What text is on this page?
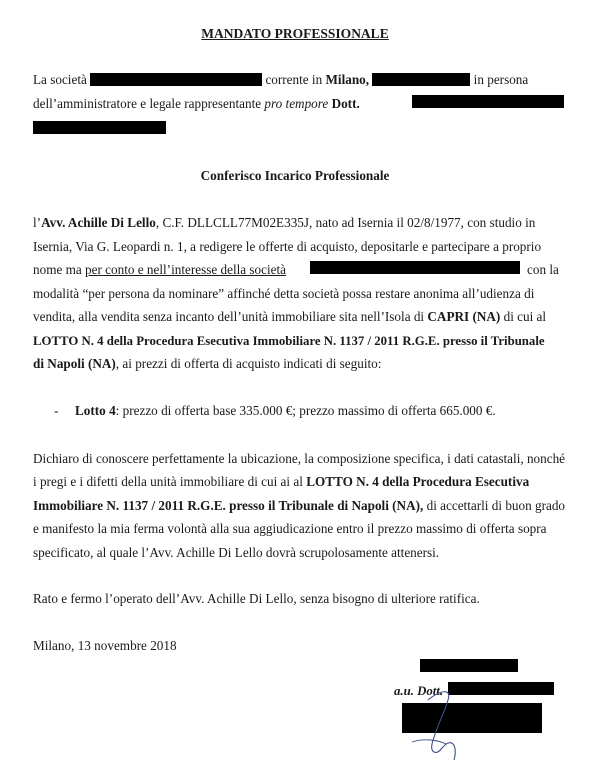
MANDATO PROFESSIONALE
La società	corrente in Milano,	in persona
dell’amministratore e legale rappresentante pro tempore Dott.
Conferisco Incarico Professionale
l’Avv. Achille Di Lello, C.F. DLLCLL77M02E335J, nato ad Isernia il 02/8/1977, con studio in
Isernia, Via G. Leopardi n. 1, a redigere le offerte di acquisto, depositarle e partecipare a proprio
nome ma per conto e nell’interesse della società	con la
modalità “per persona da nominare” affinché detta società possa restare anonima all’udienza di
vendita, alla vendita senza incanto dell’unità immobiliare sita nell’Isola di CAPRI (NA) di cui al
LOTTO N. 4 della Procedura Esecutiva Immobiliare N. 1137 / 2011 R.G.E. presso il Tribunale
di Napoli (NA), ai prezzi di offerta di acquisto indicati di seguito:
- Lotto 4: prezzo di offerta base 335.000 €; prezzo massimo di offerta 665.000 €.
Dichiaro di conoscere perfettamente la ubicazione, la composizione specifica, i dati catastali, nonché
i pregi e i difetti della unità immobiliare di cui ai al LOTTO N. 4 della Procedura Esecutiva
Immobiliare N. 1137 / 2011 R.G.E. presso il Tribunale di Napoli (NA), di accettarli di buon grado
e manifesto la mia ferma volontà alla sua aggiudicazione entro il prezzo massimo di offerta sopra
specificato, al quale l’Avv. Achille Di Lello dovrà scrupolosamente attenersi.
Rato e fermo l’operato dell’Avv. Achille Di Lello, senza bisogno di ulteriore ratifica.
Milano, 13 novembre 2018
a.u. Dott.
